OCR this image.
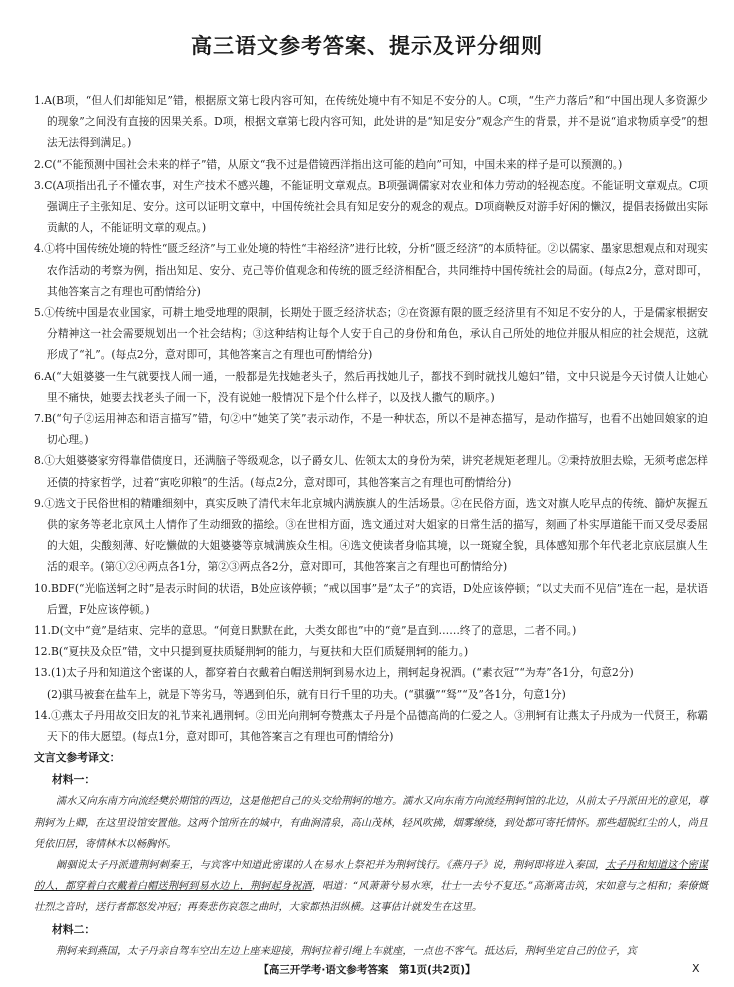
高三语文参考答案、提示及评分细则

1.A(B项，“但人们却能知足”错，根据原文第七段内容可知，在传统处境中有不知足不安分的人。C项，“生产力落后”和“中国出现人多资源少的现象”之间没有直接的因果关系。D项，根据文章第七段内容可知，此处讲的是“知足安分”观念产生的背景，并不是说“追求物质享受”的想法无法得到满足。)

2.C(“不能预测中国社会未来的样子”错，从原文“我不过是借镜西洋指出这可能的趋向”可知，中国未来的样子是可以预测的。)

3.C(A项指出孔子不懂农事，对生产技术不感兴趣，不能证明文章观点。B项强调儒家对农业和体力劳动的轻视态度。不能证明文章观点。C项强调庄子主张知足、安分。这可以证明文章中，中国传统社会具有知足安分的观念的观点。D项商鞅反对游手好闲的懒汉，提倡表扬做出实际贡献的人，不能证明文章的观点。)

4.①将中国传统处境的特性“匮乏经济”与工业处境的特性“丰裕经济”进行比较，分析“匮乏经济”的本质特征。②以儒家、墨家思想观点和对现实农作活动的考察为例，指出知足、安分、克己等价值观念和传统的匮乏经济相配合，共同维持中国传统社会的局面。(每点2分，意对即可，其他答案言之有理也可酌情给分)

5.①传统中国是农业国家，可耕土地受地理的限制，长期处于匮乏经济状态；②在资源有限的匮乏经济里有不知足不安分的人，于是儒家根据安分精神这一社会需要规划出一个社会结构；③这种结构让每个人安于自己的身份和角色，承认自己所处的地位并服从相应的社会规范，这就形成了“礼”。(每点2分，意对即可，其他答案言之有理也可酌情给分)

6.A(“大姐婆婆一生气就要找人闹一通，一般都是先找她老头子，然后再找她儿子，都找不到时就找儿媳妇”错，文中只说是今天讨债人让她心里不痛快，她要去找老头子闹一下，没有说她一般情况下是个什么样子，以及找人撒气的顺序。)

7.B(“句子②运用神态和语言描写”错，句②中“她笑了笑”表示动作，不是一种状态，所以不是神态描写，是动作描写，也看不出她回娘家的迫切心理。)

8.①大姐婆婆家穷得靠借债度日，还满脑子等级观念，以子爵女儿、佐领太太的身份为荣，讲究老规矩老理儿。②秉持放胆去赊，无须考虑怎样还债的持家哲学，过着“寅吃卯粮”的生活。(每点2分，意对即可，其他答案言之有理也可酌情给分)

9.①选文于民俗世相的精雕细刻中，真实反映了清代末年北京城内满族旗人的生活场景。②在民俗方面，选文对旗人吃早点的传统、篩炉灰握五供的家务等老北京风土人情作了生动细致的描绘。③在世相方面，选文通过对大姐家的日常生活的描写，刻画了朴实厚道能干而又受尽委屈的大姐，尖酸刻薄、好吃懒做的大姐婆婆等京城满族众生相。④选文使读者身临其境，以一斑窥全貌，具体感知那个年代老北京底层旗人生活的艰辛。(第①②④两点各1分，第②③两点各2分，意对即可，其他答案言之有理也可酌情给分)

10.BDF(“光临送轲之时”是表示时间的状语，B处应该停顿；“戒以国事”是“太子”的宾语，D处应该停顿；“以丈夫而不见信”连在一起，是状语后置，F处应该停顿。)

11.D(文中“竟”是结束、完毕的意思。“何竟日默默在此，大类女郎也”中的“竟”是直到……终了的意思，二者不同。)

12.B(“夏扶及众臣”错，文中只提到夏扶质疑荆轲的能力，与夏扶和大臣们质疑荆轲的能力。)

13.(1)太子丹和知道这个密谋的人，都穿着白衣戴着白帽送荆轲到易水边上，荆轲起身祝酒。(“素衣冠”“为寿”各1分，句意2分)
(2)骐马被套在盐车上，就是下等劣马，等遇到伯乐，就有日行千里的功夫。(“骐骥”“驽”“及”各1分，句意1分)

14.①燕太子丹用故交旧友的礼节来礼遇荆轲。②田光向荆轲夸赞燕太子丹是个品德高尚的仁爱之人。③荆轲有让燕太子丹成为一代贤王，称霸天下的伟大愿望。(每点1分，意对即可，其他答案言之有理也可酌情给分)

文言文参考译文：

材料一：

濡水又向东南方向流经樊於期馆的西边，这是他把自己的头交给荆轲的地方。濡水又向东南方向流经荆轲馆的北边，从前太子丹派田光的意见，尊荆轲为上卿，在这里设馆安置他。这两个馆所在的城中，有曲涧清泉，高山茂林，轻风吹拂，烟雾缭绕，到处都可寄托情怀。那些超脱红尘的人，尚且凭依旧居，寄情林木以畅胸怀。

阚骃说太子丹派遣荆轲刺秦王，与宾客中知道此密谋的人在易水上祭祀并为荆轲饯行。《燕丹子》说，荆轲即将进入秦国，太子丹和知道这个密谋的人，都穿着白衣戴着白帽送荆轲到易水边上，荆轲起身祝酒，唱道：“风萧萧兮易水寒，壮士一去兮不复还。”高渐离击筑，宋如意与之相和；秦僚慨壮烈之音时，送行者都怒发冲冠；再奏悲伤哀怨之曲时，大家都热泪纵横。这事估计就发生在这里。

材料二：

荆轲来到燕国，太子丹亲自驾车空出左边上座来迎接，荆轲拉着引绳上车就座，一点也不客气。抵达后，荆轲坐定自己的位子，宾

【高三开学考·语文参考答案　第1页(共2页)】	X
